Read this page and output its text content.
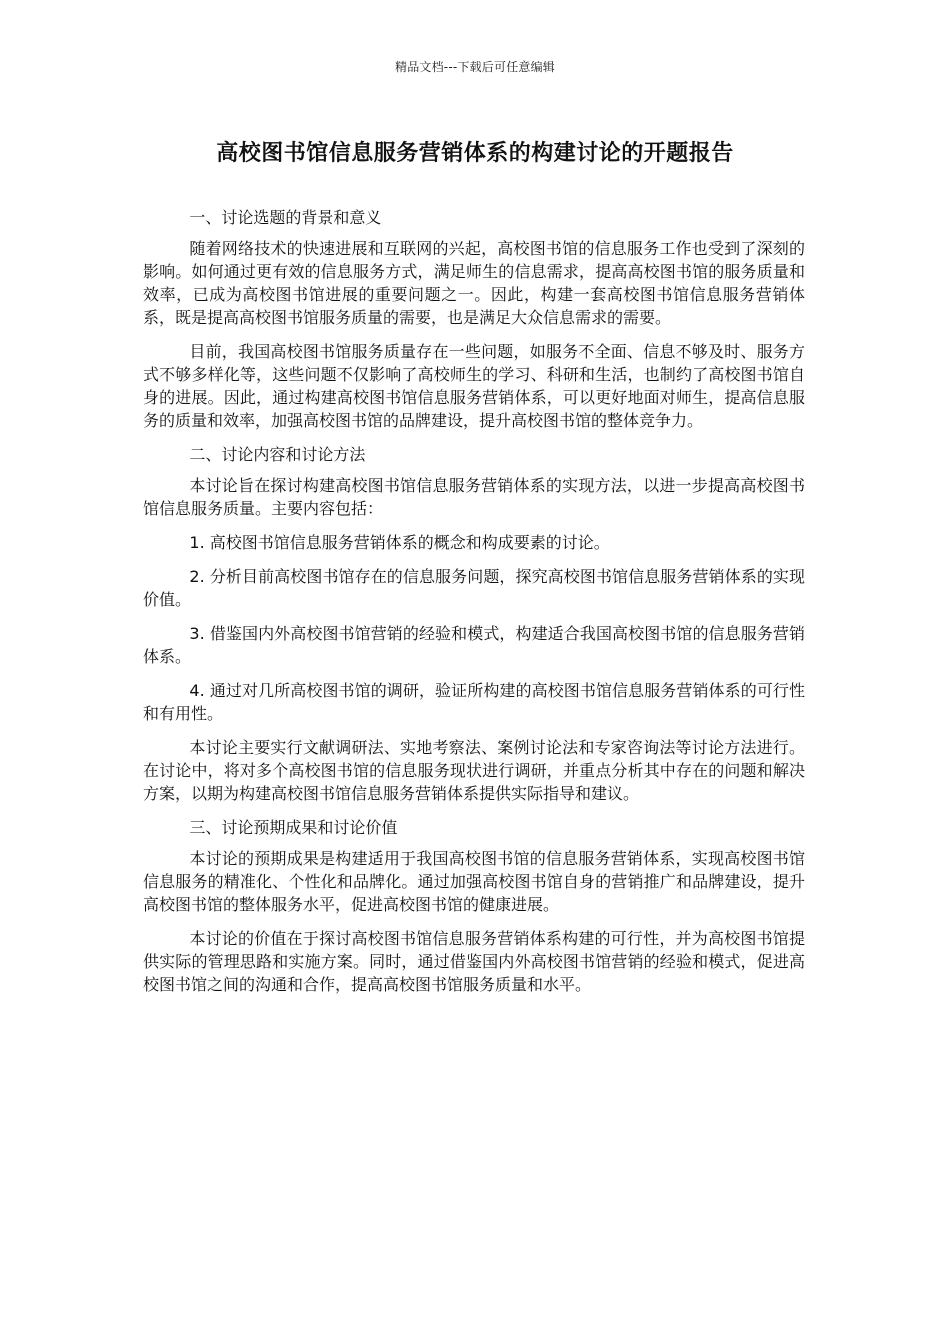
精品文档---下载后可任意编辑
高校图书馆信息服务营销体系的构建讨论的开题报告

一、讨论选题的背景和意义

随着网络技术的快速进展和互联网的兴起，高校图书馆的信息服务工作也受到了深刻的影响。如何通过更有效的信息服务方式，满足师生的信息需求，提高高校图书馆的服务质量和效率，已成为高校图书馆进展的重要问题之一。因此，构建一套高校图书馆信息服务营销体系，既是提高高校图书馆服务质量的需要，也是满足大众信息需求的需要。

目前，我国高校图书馆服务质量存在一些问题，如服务不全面、信息不够及时、服务方式不够多样化等，这些问题不仅影响了高校师生的学习、科研和生活，也制约了高校图书馆自身的进展。因此，通过构建高校图书馆信息服务营销体系，可以更好地面对师生，提高信息服务的质量和效率，加强高校图书馆的品牌建设，提升高校图书馆的整体竞争力。

二、讨论内容和讨论方法

本讨论旨在探讨构建高校图书馆信息服务营销体系的实现方法，以进一步提高高校图书馆信息服务质量。主要内容包括：

1. 高校图书馆信息服务营销体系的概念和构成要素的讨论。

2. 分析目前高校图书馆存在的信息服务问题，探究高校图书馆信息服务营销体系的实现价值。

3. 借鉴国内外高校图书馆营销的经验和模式，构建适合我国高校图书馆的信息服务营销体系。

4. 通过对几所高校图书馆的调研，验证所构建的高校图书馆信息服务营销体系的可行性和有用性。

本讨论主要实行文献调研法、实地考察法、案例讨论法和专家咨询法等讨论方法进行。在讨论中，将对多个高校图书馆的信息服务现状进行调研，并重点分析其中存在的问题和解决方案，以期为构建高校图书馆信息服务营销体系提供实际指导和建议。

三、讨论预期成果和讨论价值

本讨论的预期成果是构建适用于我国高校图书馆的信息服务营销体系，实现高校图书馆信息服务的精准化、个性化和品牌化。通过加强高校图书馆自身的营销推广和品牌建设，提升高校图书馆的整体服务水平，促进高校图书馆的健康进展。

本讨论的价值在于探讨高校图书馆信息服务营销体系构建的可行性，并为高校图书馆提供实际的管理思路和实施方案。同时，通过借鉴国内外高校图书馆营销的经验和模式，促进高校图书馆之间的沟通和合作，提高高校图书馆服务质量和水平。
